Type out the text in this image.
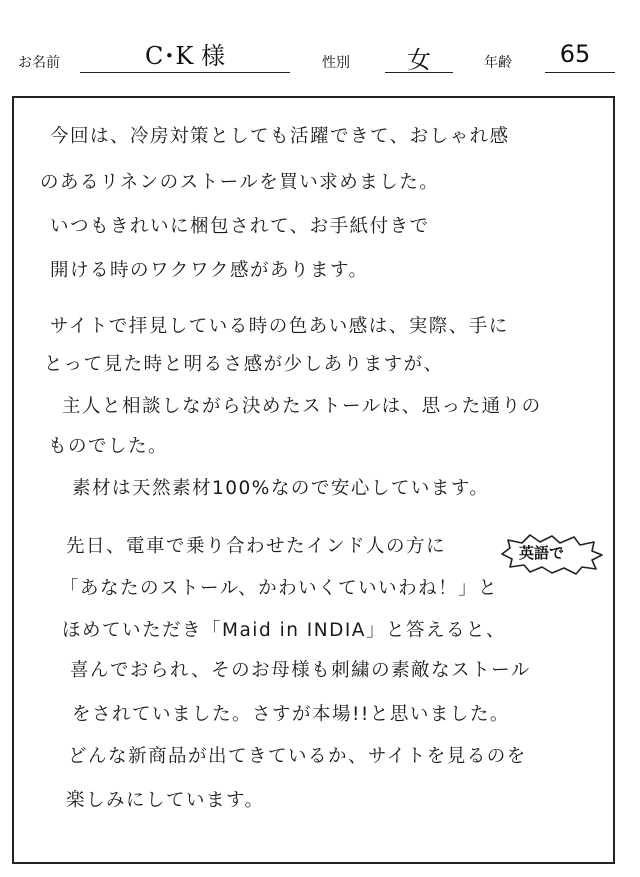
お名前	C･K 様	性別	女	年齢	65
今回は、冷房対策としても活躍できて、おしゃれ感
のあるリネンのストールを買い求めました。
いつもきれいに梱包されて、お手紙付きで
開ける時のワクワク感があります。
サイトで拝見している時の色あい感は、実際、手に
とって見た時と明るさ感が少しありますが、
主人と相談しながら決めたストールは、思った通りの
ものでした。
素材は天然素材100%なので安心しています。
先日、電車で乗り合わせたインド人の方に
「あなたのストール、かわいくていいわね！」と
ほめていただき「Maid in INDIA」と答えると、
喜んでおられ、そのお母様も刺繍の素敵なストール
をされていました。さすが本場!!と思いました。
どんな新商品が出てきているか、サイトを見るのを
楽しみにしています。
英語で
